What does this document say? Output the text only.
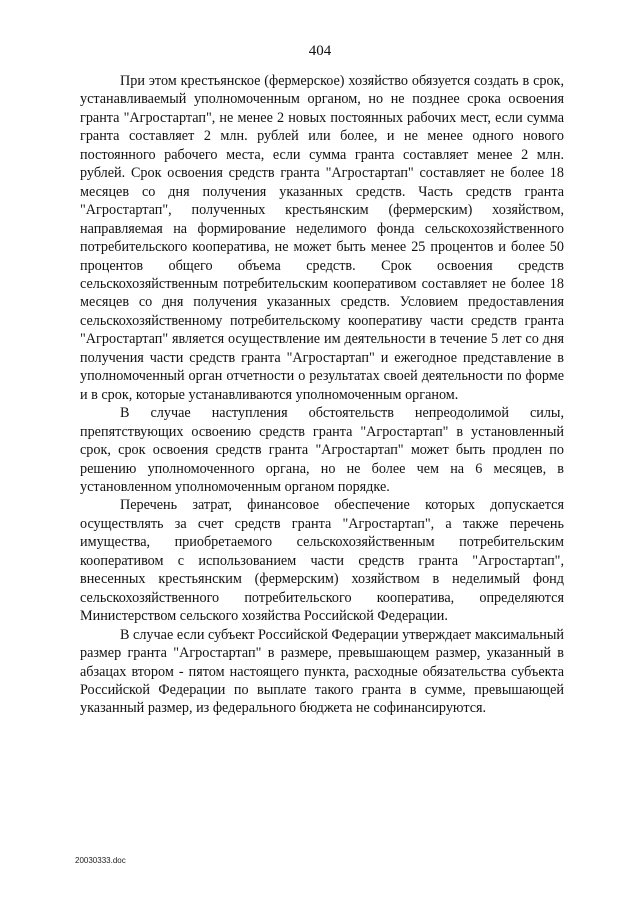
404

При этом крестьянское (фермерское) хозяйство обязуется создать в срок, устанавливаемый уполномоченным органом, но не позднее срока освоения гранта "Агростартап", не менее 2 новых постоянных рабочих мест, если сумма гранта составляет 2 млн. рублей или более, и не менее одного нового постоянного рабочего места, если сумма гранта составляет менее 2 млн. рублей. Срок освоения средств гранта "Агростартап" составляет не более 18 месяцев со дня получения указанных средств. Часть средств гранта "Агростартап", полученных крестьянским (фермерским) хозяйством, направляемая на формирование неделимого фонда сельскохозяйственного потребительского кооператива, не может быть менее 25 процентов и более 50 процентов общего объема средств. Срок освоения средств сельскохозяйственным потребительским кооперативом составляет не более 18 месяцев со дня получения указанных средств. Условием предоставления сельскохозяйственному потребительскому кооперативу части средств гранта "Агростартап" является осуществление им деятельности в течение 5 лет со дня получения части средств гранта "Агростартап" и ежегодное представление в уполномоченный орган отчетности о результатах своей деятельности по форме и в срок, которые устанавливаются уполномоченным органом.

В случае наступления обстоятельств непреодолимой силы, препятствующих освоению средств гранта "Агростартап" в установленный срок, срок освоения средств гранта "Агростартап" может быть продлен по решению уполномоченного органа, но не более чем на 6 месяцев, в установленном уполномоченным органом порядке.

Перечень затрат, финансовое обеспечение которых допускается осуществлять за счет средств гранта "Агростартап", а также перечень имущества, приобретаемого сельскохозяйственным потребительским кооперативом с использованием части средств гранта "Агростартап", внесенных крестьянским (фермерским) хозяйством в неделимый фонд сельскохозяйственного потребительского кооператива, определяются Министерством сельского хозяйства Российской Федерации.

В случае если субъект Российской Федерации утверждает максимальный размер гранта "Агростартап" в размере, превышающем размер, указанный в абзацах втором - пятом настоящего пункта, расходные обязательства субъекта Российской Федерации по выплате такого гранта в сумме, превышающей указанный размер, из федерального бюджета не софинансируются.

20030333.doc
